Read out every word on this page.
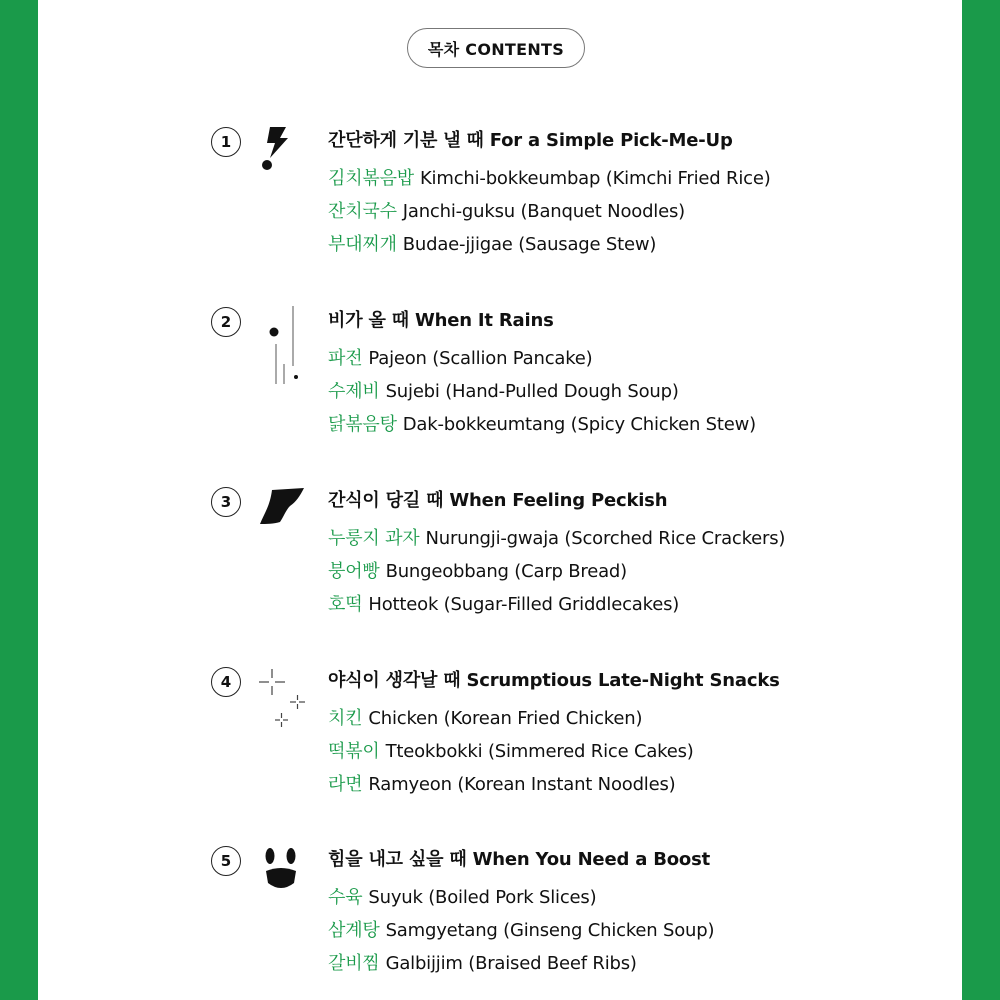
목차 CONTENTS
1	간단하게 기분 낼 때 For a Simple Pick-Me-Up
김치볶음밥 Kimchi-bokkeumbap (Kimchi Fried Rice)
잔치국수 Janchi-guksu (Banquet Noodles)
부대찌개 Budae-jjigae (Sausage Stew)
2	비가 올 때 When It Rains
파전 Pajeon (Scallion Pancake)
수제비 Sujebi (Hand-Pulled Dough Soup)
닭볶음탕 Dak-bokkeumtang (Spicy Chicken Stew)
3	간식이 당길 때 When Feeling Peckish
누룽지 과자 Nurungji-gwaja (Scorched Rice Crackers)
붕어빵 Bungeobbang (Carp Bread)
호떡 Hotteok (Sugar-Filled Griddlecakes)
4	야식이 생각날 때 Scrumptious Late-Night Snacks
치킨 Chicken (Korean Fried Chicken)
떡볶이 Tteokbokki (Simmered Rice Cakes)
라면 Ramyeon (Korean Instant Noodles)
5	힘을 내고 싶을 때 When You Need a Boost
수육 Suyuk (Boiled Pork Slices)
삼계탕 Samgyetang (Ginseng Chicken Soup)
갈비찜 Galbijjim (Braised Beef Ribs)
